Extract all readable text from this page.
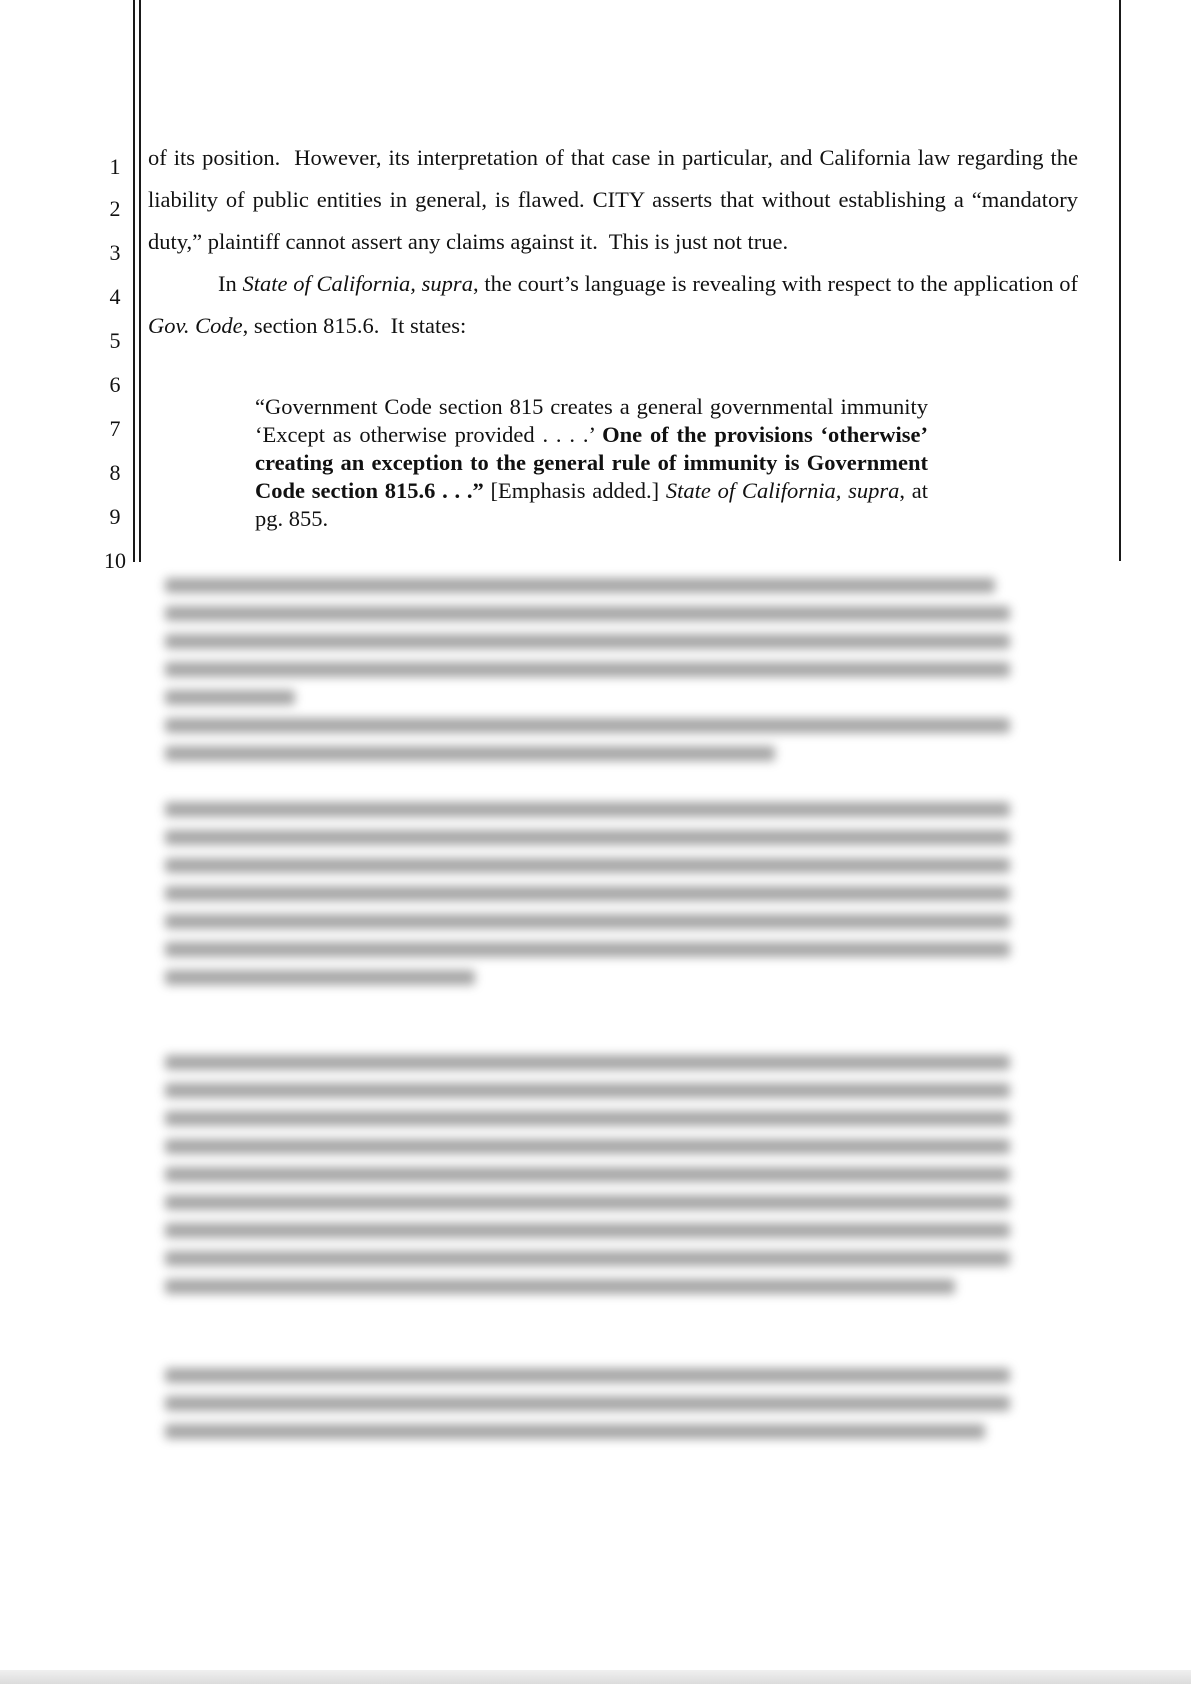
1
2
3
4
5
6
7
8
9
10

of its position.  However, its interpretation of that case in particular, and California law regarding the liability of public entities in general, is flawed. CITY asserts that without establishing a “mandatory duty,” plaintiff cannot assert any claims against it.  This is just not true.

In State of California, supra, the court’s language is revealing with respect to the application of Gov. Code, section 815.6.  It states:

“Government Code section 815 creates a general governmental immunity ‘Except as otherwise provided . . . .’ One of the provisions ‘otherwise’ creating an exception to the general rule of immunity is Government Code section 815.6 . . .” [Emphasis added.] State of California, supra, at pg. 855.
